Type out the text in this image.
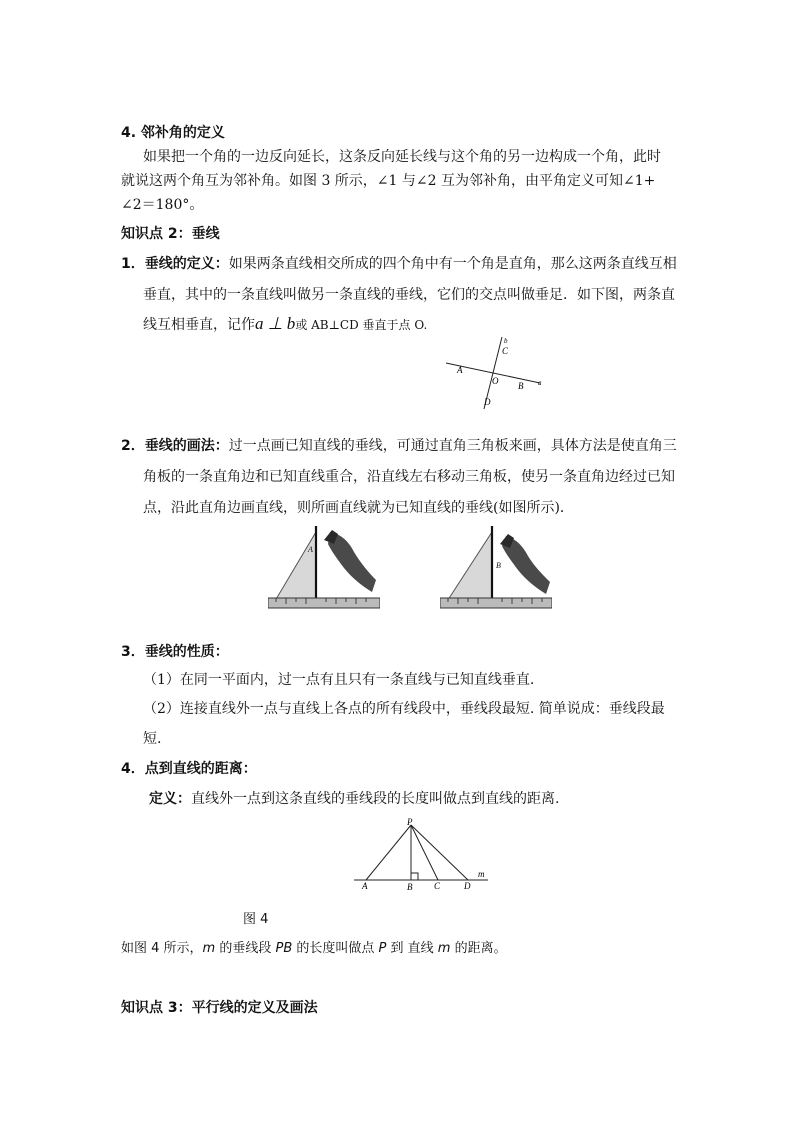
4. 邻补角的定义
如果把一个角的一边反向延长，这条反向延长线与这个角的另一边构成一个角，此时
就说这两个角互为邻补角。如图 3 所示，∠1 与∠2 互为邻补角，由平角定义可知∠1+
∠2＝180°。
知识点 2：垂线
1．垂线的定义：如果两条直线相交所成的四个角中有一个角是直角，那么这两条直线互相
垂直，其中的一条直线叫做另一条直线的垂线，它们的交点叫做垂足．如下图，两条直
线互相垂直，记作a ⊥ b或 AB⊥CD 垂直于点 O.
b
C
A
O B a
D
2．垂线的画法：过一点画已知直线的垂线，可通过直角三角板来画，具体方法是使直角三
角板的一条直角边和已知直线重合，沿直线左右移动三角板，使另一条直角边经过已知
点，沿此直角边画直线，则所画直线就为已知直线的垂线(如图所示)．
A
B
3．垂线的性质：
（1）在同一平面内，过一点有且只有一条直线与已知直线垂直.
（2）连接直线外一点与直线上各点的所有线段中，垂线段最短. 简单说成：垂线段最
短.
4．点到直线的距离：
定义：直线外一点到这条直线的垂线段的长度叫做点到直线的距离.
P
A	B C	D
m
图 4
如图 4 所示，m 的垂线段 PB 的长度叫做点 P 到 直线 m 的距离。
知识点 3：平行线的定义及画法
